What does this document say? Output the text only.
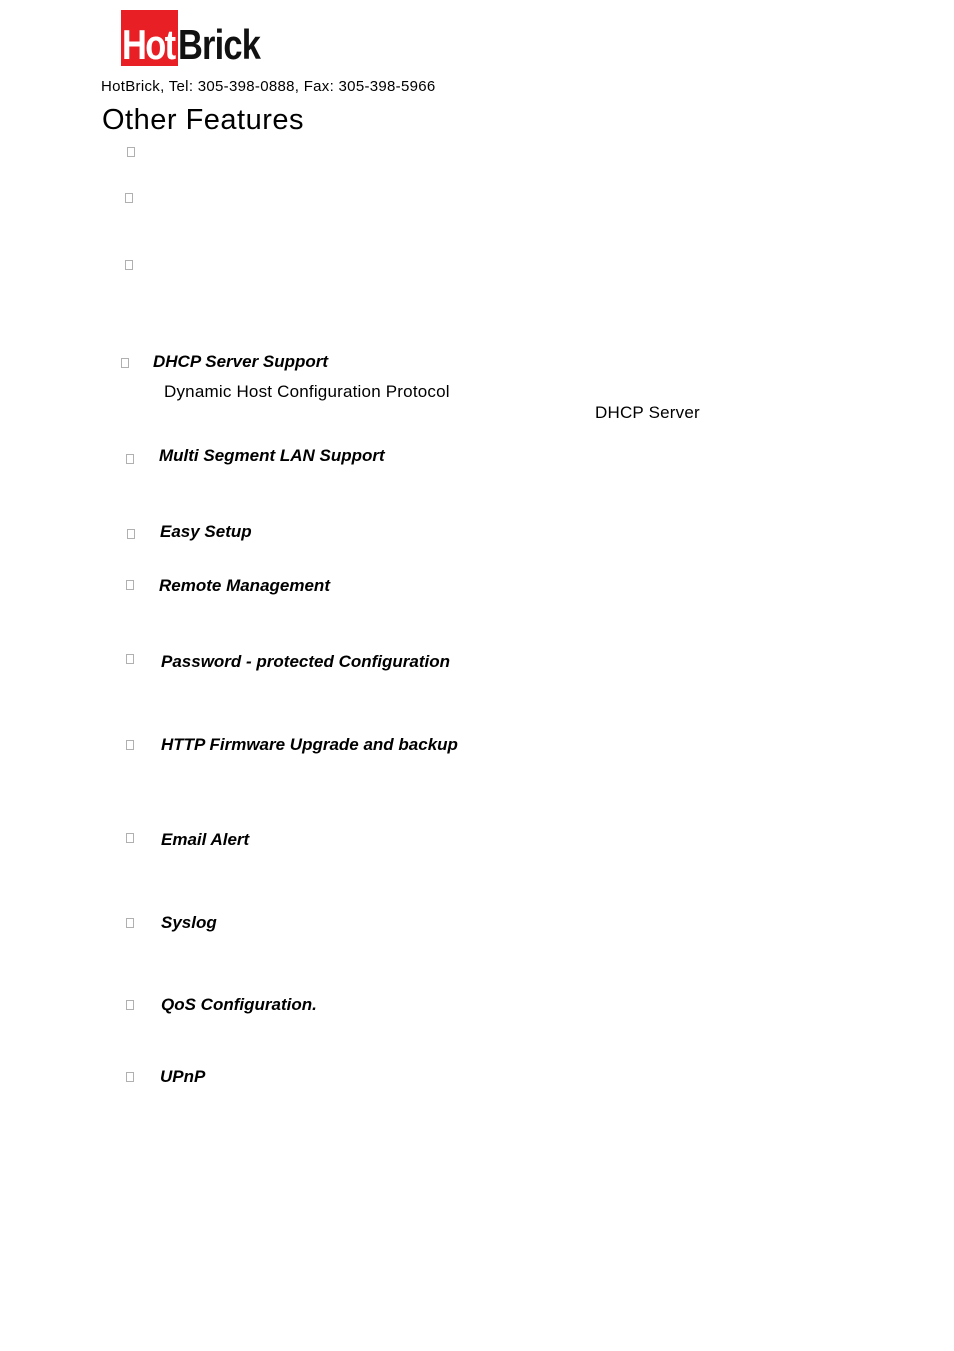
Hot Brick
HotBrick, Tel: 305-398-0888, Fax: 305-398-5966
Other Features
DHCP Server Support
Dynamic Host Configuration Protocol
DHCP Server
Multi Segment LAN Support
Easy Setup
Remote Management
Password - protected Configuration
HTTP Firmware Upgrade and backup
Email Alert
Syslog
QoS Configuration.
UPnP
